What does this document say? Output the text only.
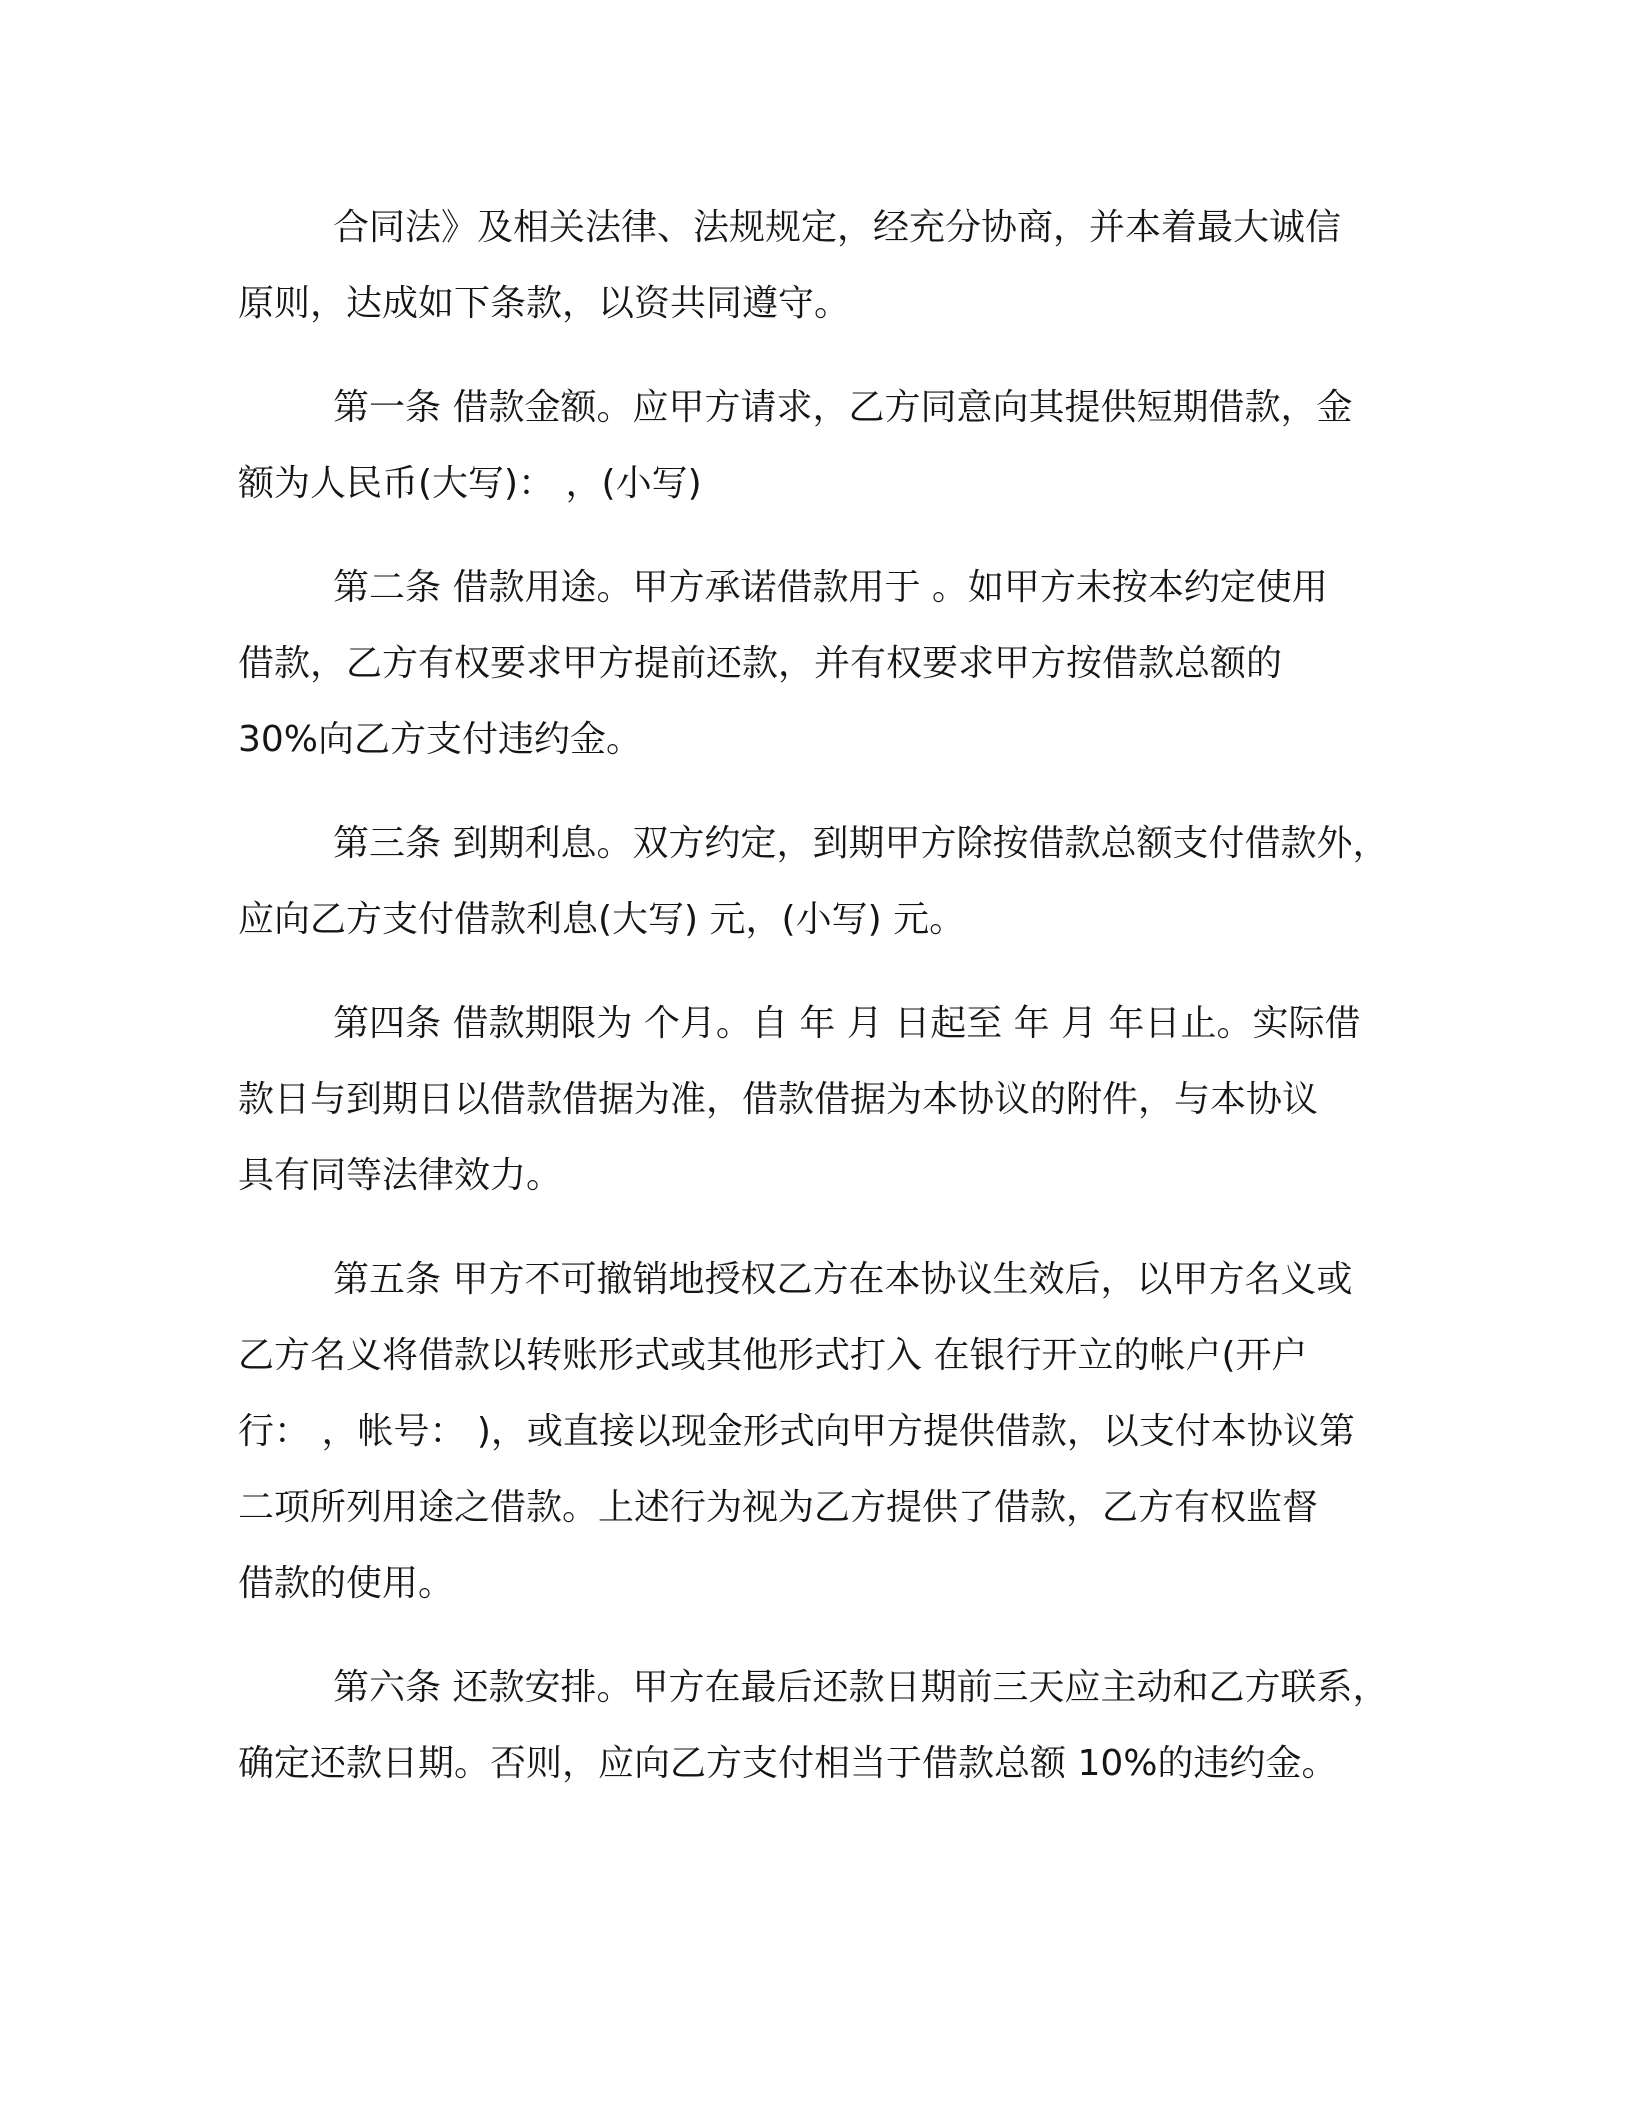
合同法》及相关法律、法规规定，经充分协商，并本着最大诚信
原则，达成如下条款，以资共同遵守。

第一条 借款金额。应甲方请求，乙方同意向其提供短期借款，金
额为人民币(大写)： ，(小写)

第二条 借款用途。甲方承诺借款用于 。如甲方未按本约定使用
借款，乙方有权要求甲方提前还款，并有权要求甲方按借款总额的
30%向乙方支付违约金。

第三条 到期利息。双方约定，到期甲方除按借款总额支付借款外，
应向乙方支付借款利息(大写) 元，(小写) 元。

第四条 借款期限为 个月。自 年 月 日起至 年 月 年日止。实际借
款日与到期日以借款借据为准，借款借据为本协议的附件，与本协议
具有同等法律效力。

第五条 甲方不可撤销地授权乙方在本协议生效后，以甲方名义或
乙方名义将借款以转账形式或其他形式打入 在银行开立的帐户(开户
行： ，帐号： )，或直接以现金形式向甲方提供借款，以支付本协议第
二项所列用途之借款。上述行为视为乙方提供了借款，乙方有权监督
借款的使用。

第六条 还款安排。甲方在最后还款日期前三天应主动和乙方联系，
确定还款日期。否则，应向乙方支付相当于借款总额 10%的违约金。
